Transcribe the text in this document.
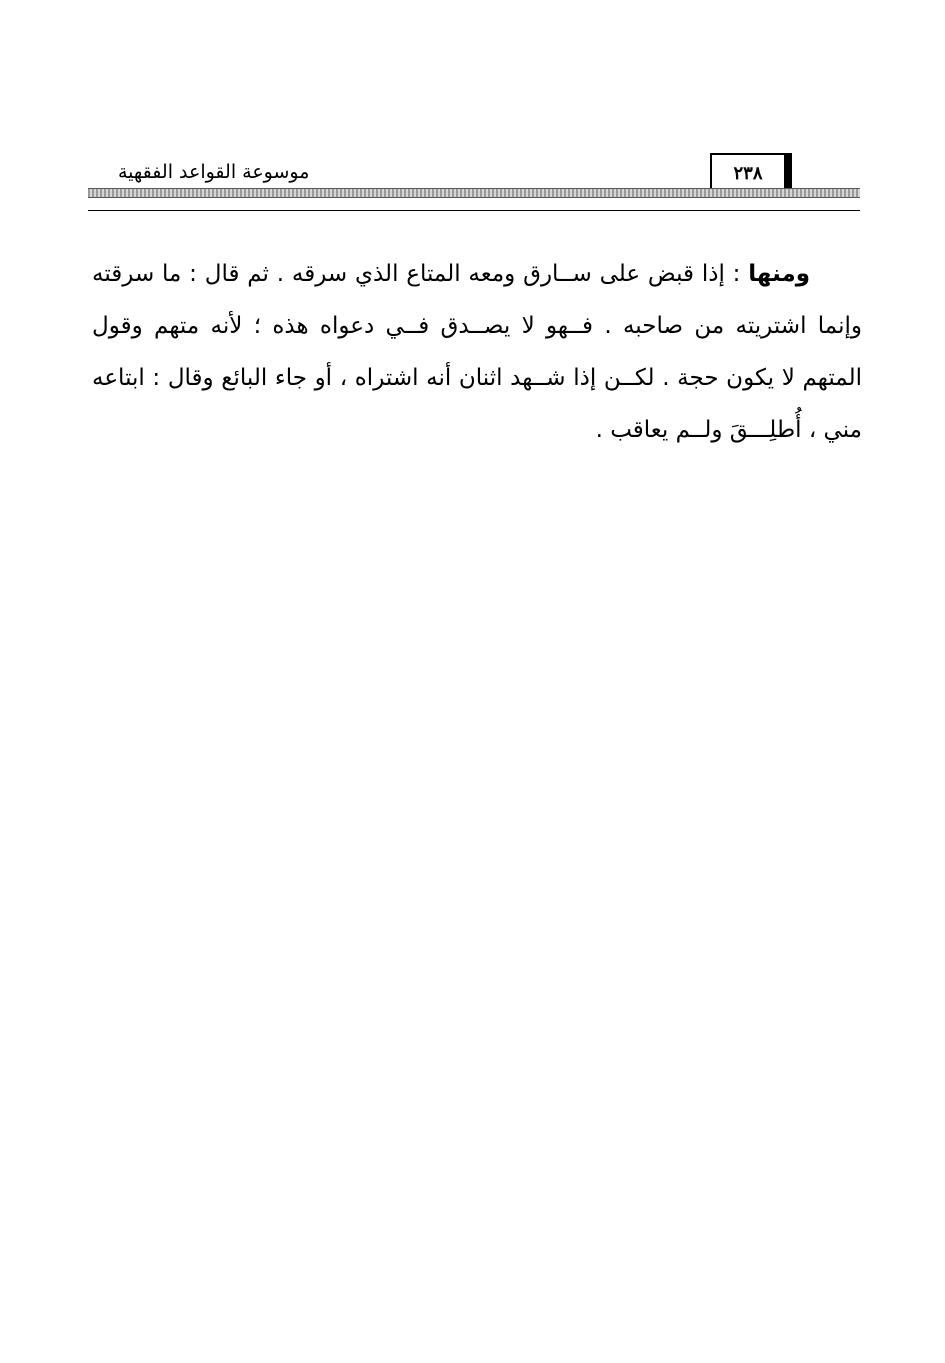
موسوعة القواعد الفقهية	٢٣٨

ومنها : إذا قبض على ســارق ومعه المتاع الذي سرقه . ثم قال : ما سرقته وإنما اشتريته من صاحبه . فــهو لا يصــدق فــي دعواه هذه ؛ لأنه متهم وقول المتهم لا يكون حجة . لكــن إذا شــهد اثنان أنه اشتراه ، أو جاء البائع وقال : ابتاعه مني ، أُطلِـــقَ ولــم يعاقب .
